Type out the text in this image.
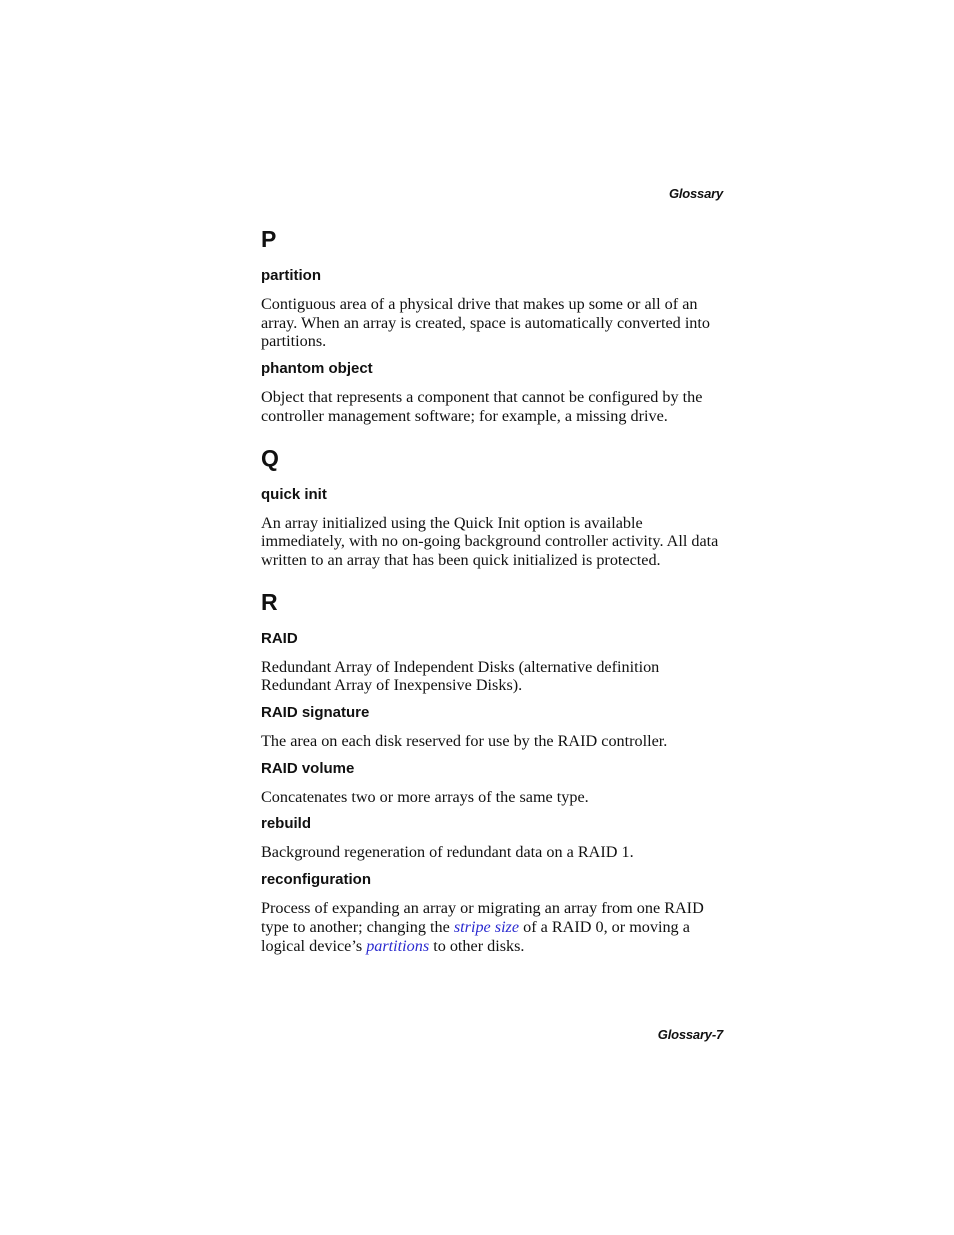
Glossary
P
partition

Contiguous area of a physical drive that makes up some or all of an array. When an array is created, space is automatically converted into partitions.

phantom object

Object that represents a component that cannot be configured by the controller management software; for example, a missing drive.

Q
quick init

An array initialized using the Quick Init option is available immediately, with no on-going background controller activity. All data written to an array that has been quick initialized is protected.

R
RAID

Redundant Array of Independent Disks (alternative definition Redundant Array of Inexpensive Disks).

RAID signature

The area on each disk reserved for use by the RAID controller.

RAID volume

Concatenates two or more arrays of the same type.

rebuild

Background regeneration of redundant data on a RAID 1.

reconfiguration

Process of expanding an array or migrating an array from one RAID type to another; changing the stripe size of a RAID 0, or moving a logical device’s partitions to other disks.

Glossary-7
